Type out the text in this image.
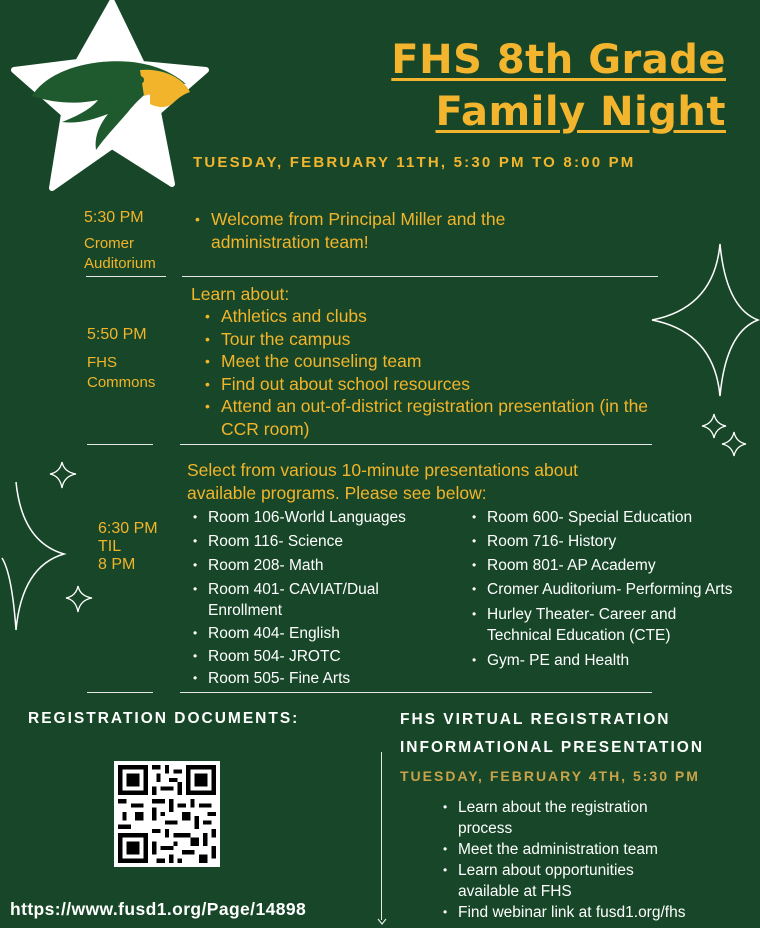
FHS 8th Grade
Family Night
TUESDAY, FEBRUARY 11TH, 5:30 PM TO 8:00 PM
5:30 PM
Cromer
Auditorium
• Welcome from Principal Miller and the administration team!
Learn about:
5:50 PM
FHS
Commons
• Athletics and clubs
• Tour the campus
• Meet the counseling team
• Find out about school resources
• Attend an out-of-district registration presentation (in the CCR room)
Select from various 10-minute presentations about available programs. Please see below:
6:30 PM
TIL
8 PM
• Room 106-World Languages
• Room 116- Science
• Room 208- Math
• Room 401- CAVIAT/Dual Enrollment
• Room 404- English
• Room 504- JROTC
• Room 505- Fine Arts
• Room 600- Special Education
• Room 716- History
• Room 801- AP Academy
• Cromer Auditorium- Performing Arts
• Hurley Theater- Career and Technical Education (CTE)
• Gym- PE and Health
REGISTRATION DOCUMENTS:
https://www.fusd1.org/Page/14898
FHS VIRTUAL REGISTRATION
INFORMATIONAL PRESENTATION
TUESDAY, FEBRUARY 4TH, 5:30 PM
• Learn about the registration process
• Meet the administration team
• Learn about opportunities available at FHS
• Find webinar link at fusd1.org/fhs
